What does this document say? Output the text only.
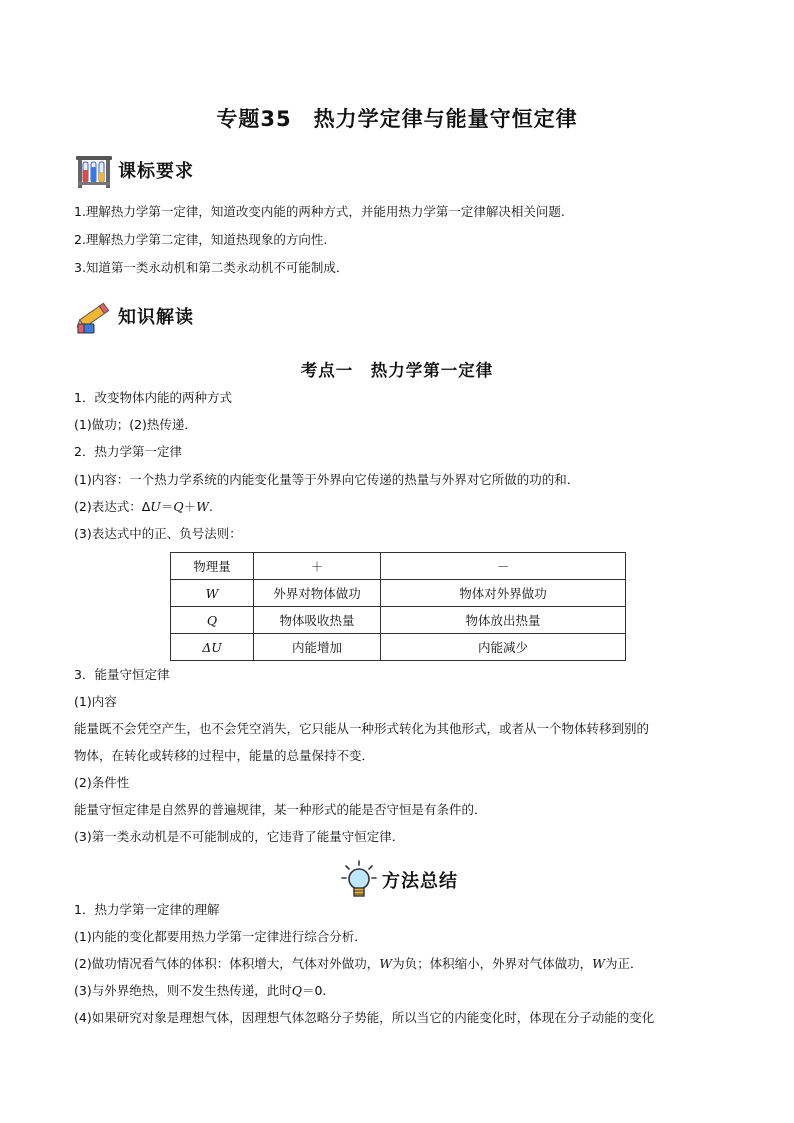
专题35　热力学定律与能量守恒定律
课标要求
1.理解热力学第一定律，知道改变内能的两种方式，并能用热力学第一定律解决相关问题.
2.理解热力学第二定律，知道热现象的方向性.
3.知道第一类永动机和第二类永动机不可能制成．
知识解读
考点一　热力学第一定律
1．改变物体内能的两种方式
(1)做功；(2)热传递．
2．热力学第一定律
(1)内容：一个热力学系统的内能变化量等于外界向它传递的热量与外界对它所做的功的和．
(2)表达式：ΔU＝Q＋W.
(3)表达式中的正、负号法则：
物理量	＋	－
W	外界对物体做功	物体对外界做功
Q	物体吸收热量	物体放出热量
ΔU	内能增加	内能减少
3．能量守恒定律
(1)内容
能量既不会凭空产生，也不会凭空消失，它只能从一种形式转化为其他形式，或者从一个物体转移到别的
物体，在转化或转移的过程中，能量的总量保持不变．
(2)条件性
能量守恒定律是自然界的普遍规律，某一种形式的能是否守恒是有条件的．
(3)第一类永动机是不可能制成的，它违背了能量守恒定律．
方法总结
1．热力学第一定律的理解
(1)内能的变化都要用热力学第一定律进行综合分析．
(2)做功情况看气体的体积：体积增大，气体对外做功，W为负；体积缩小，外界对气体做功，W为正．
(3)与外界绝热，则不发生热传递，此时Q＝0.
(4)如果研究对象是理想气体，因理想气体忽略分子势能，所以当它的内能变化时，体现在分子动能的变化
